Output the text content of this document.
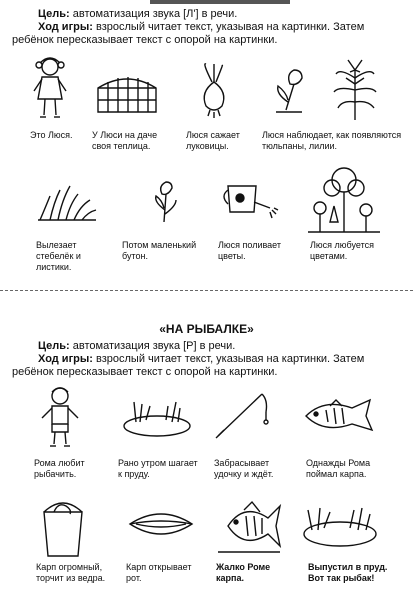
Цель: автоматизация звука [Л'] в речи.
Ход игры: взрослый читает текст, указывая на картинки. Затем ребёнок пересказывает текст с опорой на картинки.
Это Люся.	У Люси на даче своя теплица.
Люся сажает луковицы.
Люся наблюдает, как появляются тюльпаны, лилии.
Вылезает стебелёк и листики.
Потом маленький бутон.
Люся поливает цветы.
Люся любуется цветами.
«НА РЫБАЛКЕ»
Цель: автоматизация звука [Р] в речи.
Ход игры: взрослый читает текст, указывая на картинки. Затем ребёнок пересказывает текст с опорой на картинки.
Рома любит рыбачить.
Рано утром шагает к пруду.
Забрасывает удочку и ждёт.
Однажды Рома поймал карпа.
Карп огромный, торчит из ведра.
Карп открывает рот.
Жалко Роме карпа.
Выпустил в пруд. Вот так рыбак!
